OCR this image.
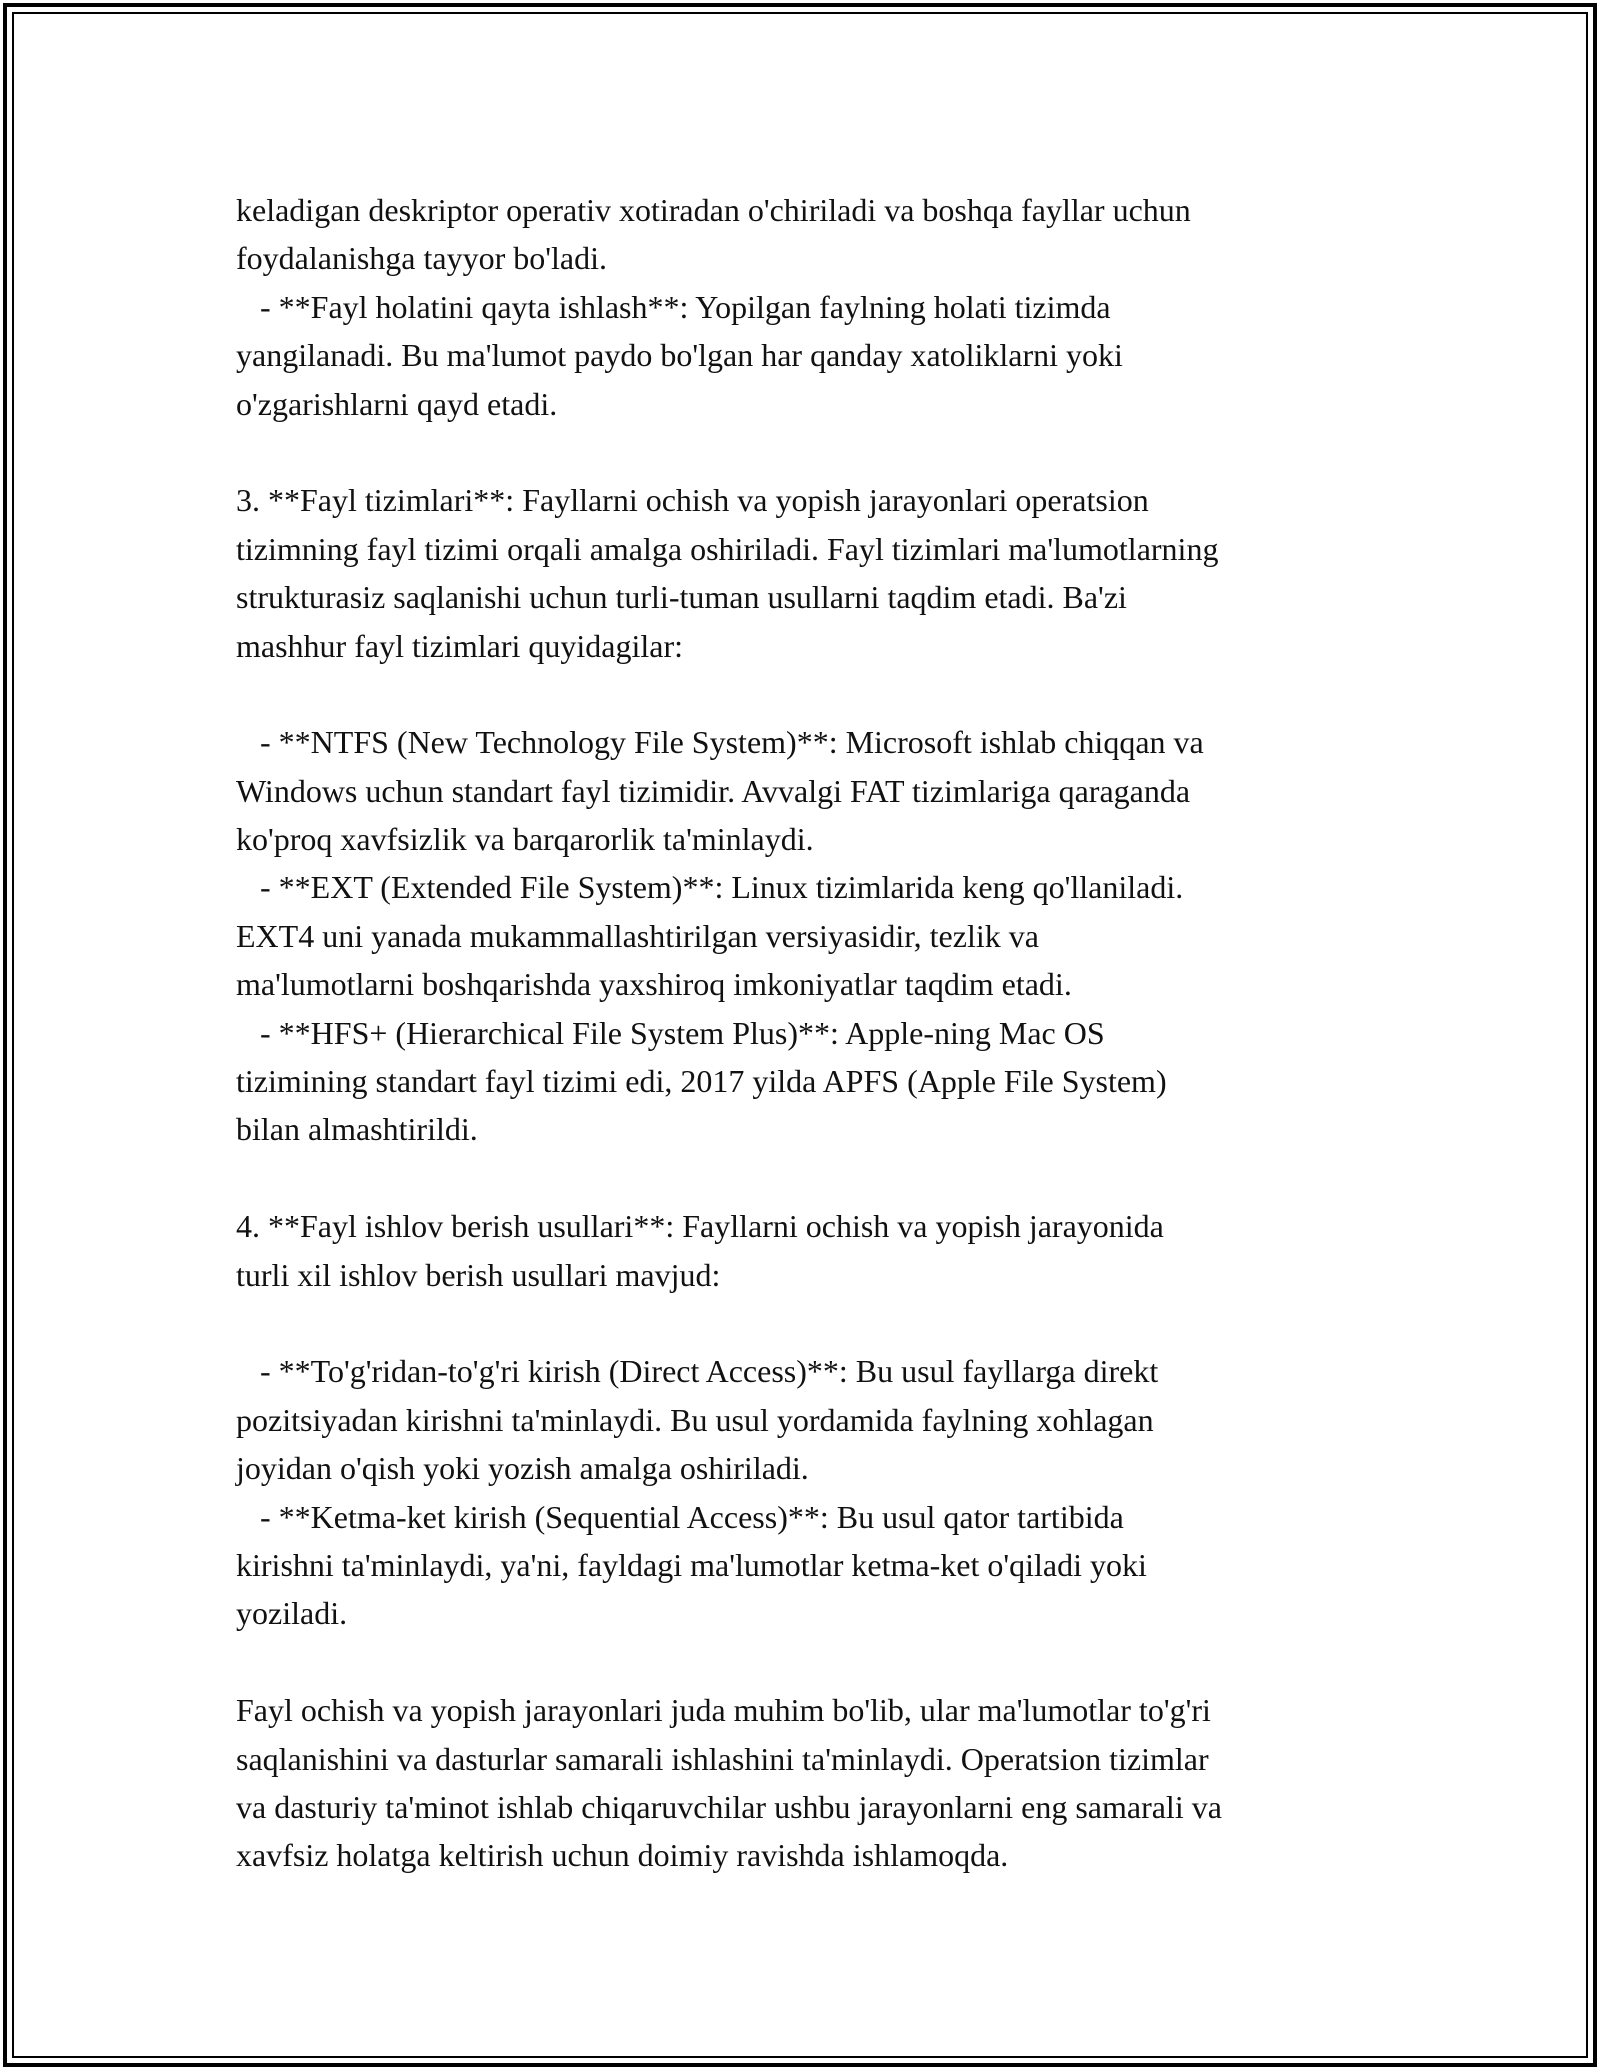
keladigan deskriptor operativ xotiradan o'chiriladi va boshqa fayllar uchun
foydalanishga tayyor bo'ladi.
- **Fayl holatini qayta ishlash**: Yopilgan faylning holati tizimda
yangilanadi. Bu ma'lumot paydo bo'lgan har qanday xatoliklarni yoki
o'zgarishlarni qayd etadi.
3. **Fayl tizimlari**: Fayllarni ochish va yopish jarayonlari operatsion
tizimning fayl tizimi orqali amalga oshiriladi. Fayl tizimlari ma'lumotlarning
strukturasiz saqlanishi uchun turli-tuman usullarni taqdim etadi. Ba'zi
mashhur fayl tizimlari quyidagilar:
- **NTFS (New Technology File System)**: Microsoft ishlab chiqqan va
Windows uchun standart fayl tizimidir. Avvalgi FAT tizimlariga qaraganda
ko'proq xavfsizlik va barqarorlik ta'minlaydi.
- **EXT (Extended File System)**: Linux tizimlarida keng qo'llaniladi.
EXT4 uni yanada mukammallashtirilgan versiyasidir, tezlik va
ma'lumotlarni boshqarishda yaxshiroq imkoniyatlar taqdim etadi.
- **HFS+ (Hierarchical File System Plus)**: Apple-ning Mac OS
tizimining standart fayl tizimi edi, 2017 yilda APFS (Apple File System)
bilan almashtirildi.
4. **Fayl ishlov berish usullari**: Fayllarni ochish va yopish jarayonida
turli xil ishlov berish usullari mavjud:
- **To'g'ridan-to'g'ri kirish (Direct Access)**: Bu usul fayllarga direkt
pozitsiyadan kirishni ta'minlaydi. Bu usul yordamida faylning xohlagan
joyidan o'qish yoki yozish amalga oshiriladi.
- **Ketma-ket kirish (Sequential Access)**: Bu usul qator tartibida
kirishni ta'minlaydi, ya'ni, fayldagi ma'lumotlar ketma-ket o'qiladi yoki
yoziladi.
Fayl ochish va yopish jarayonlari juda muhim bo'lib, ular ma'lumotlar to'g'ri
saqlanishini va dasturlar samarali ishlashini ta'minlaydi. Operatsion tizimlar
va dasturiy ta'minot ishlab chiqaruvchilar ushbu jarayonlarni eng samarali va
xavfsiz holatga keltirish uchun doimiy ravishda ishlamoqda.
